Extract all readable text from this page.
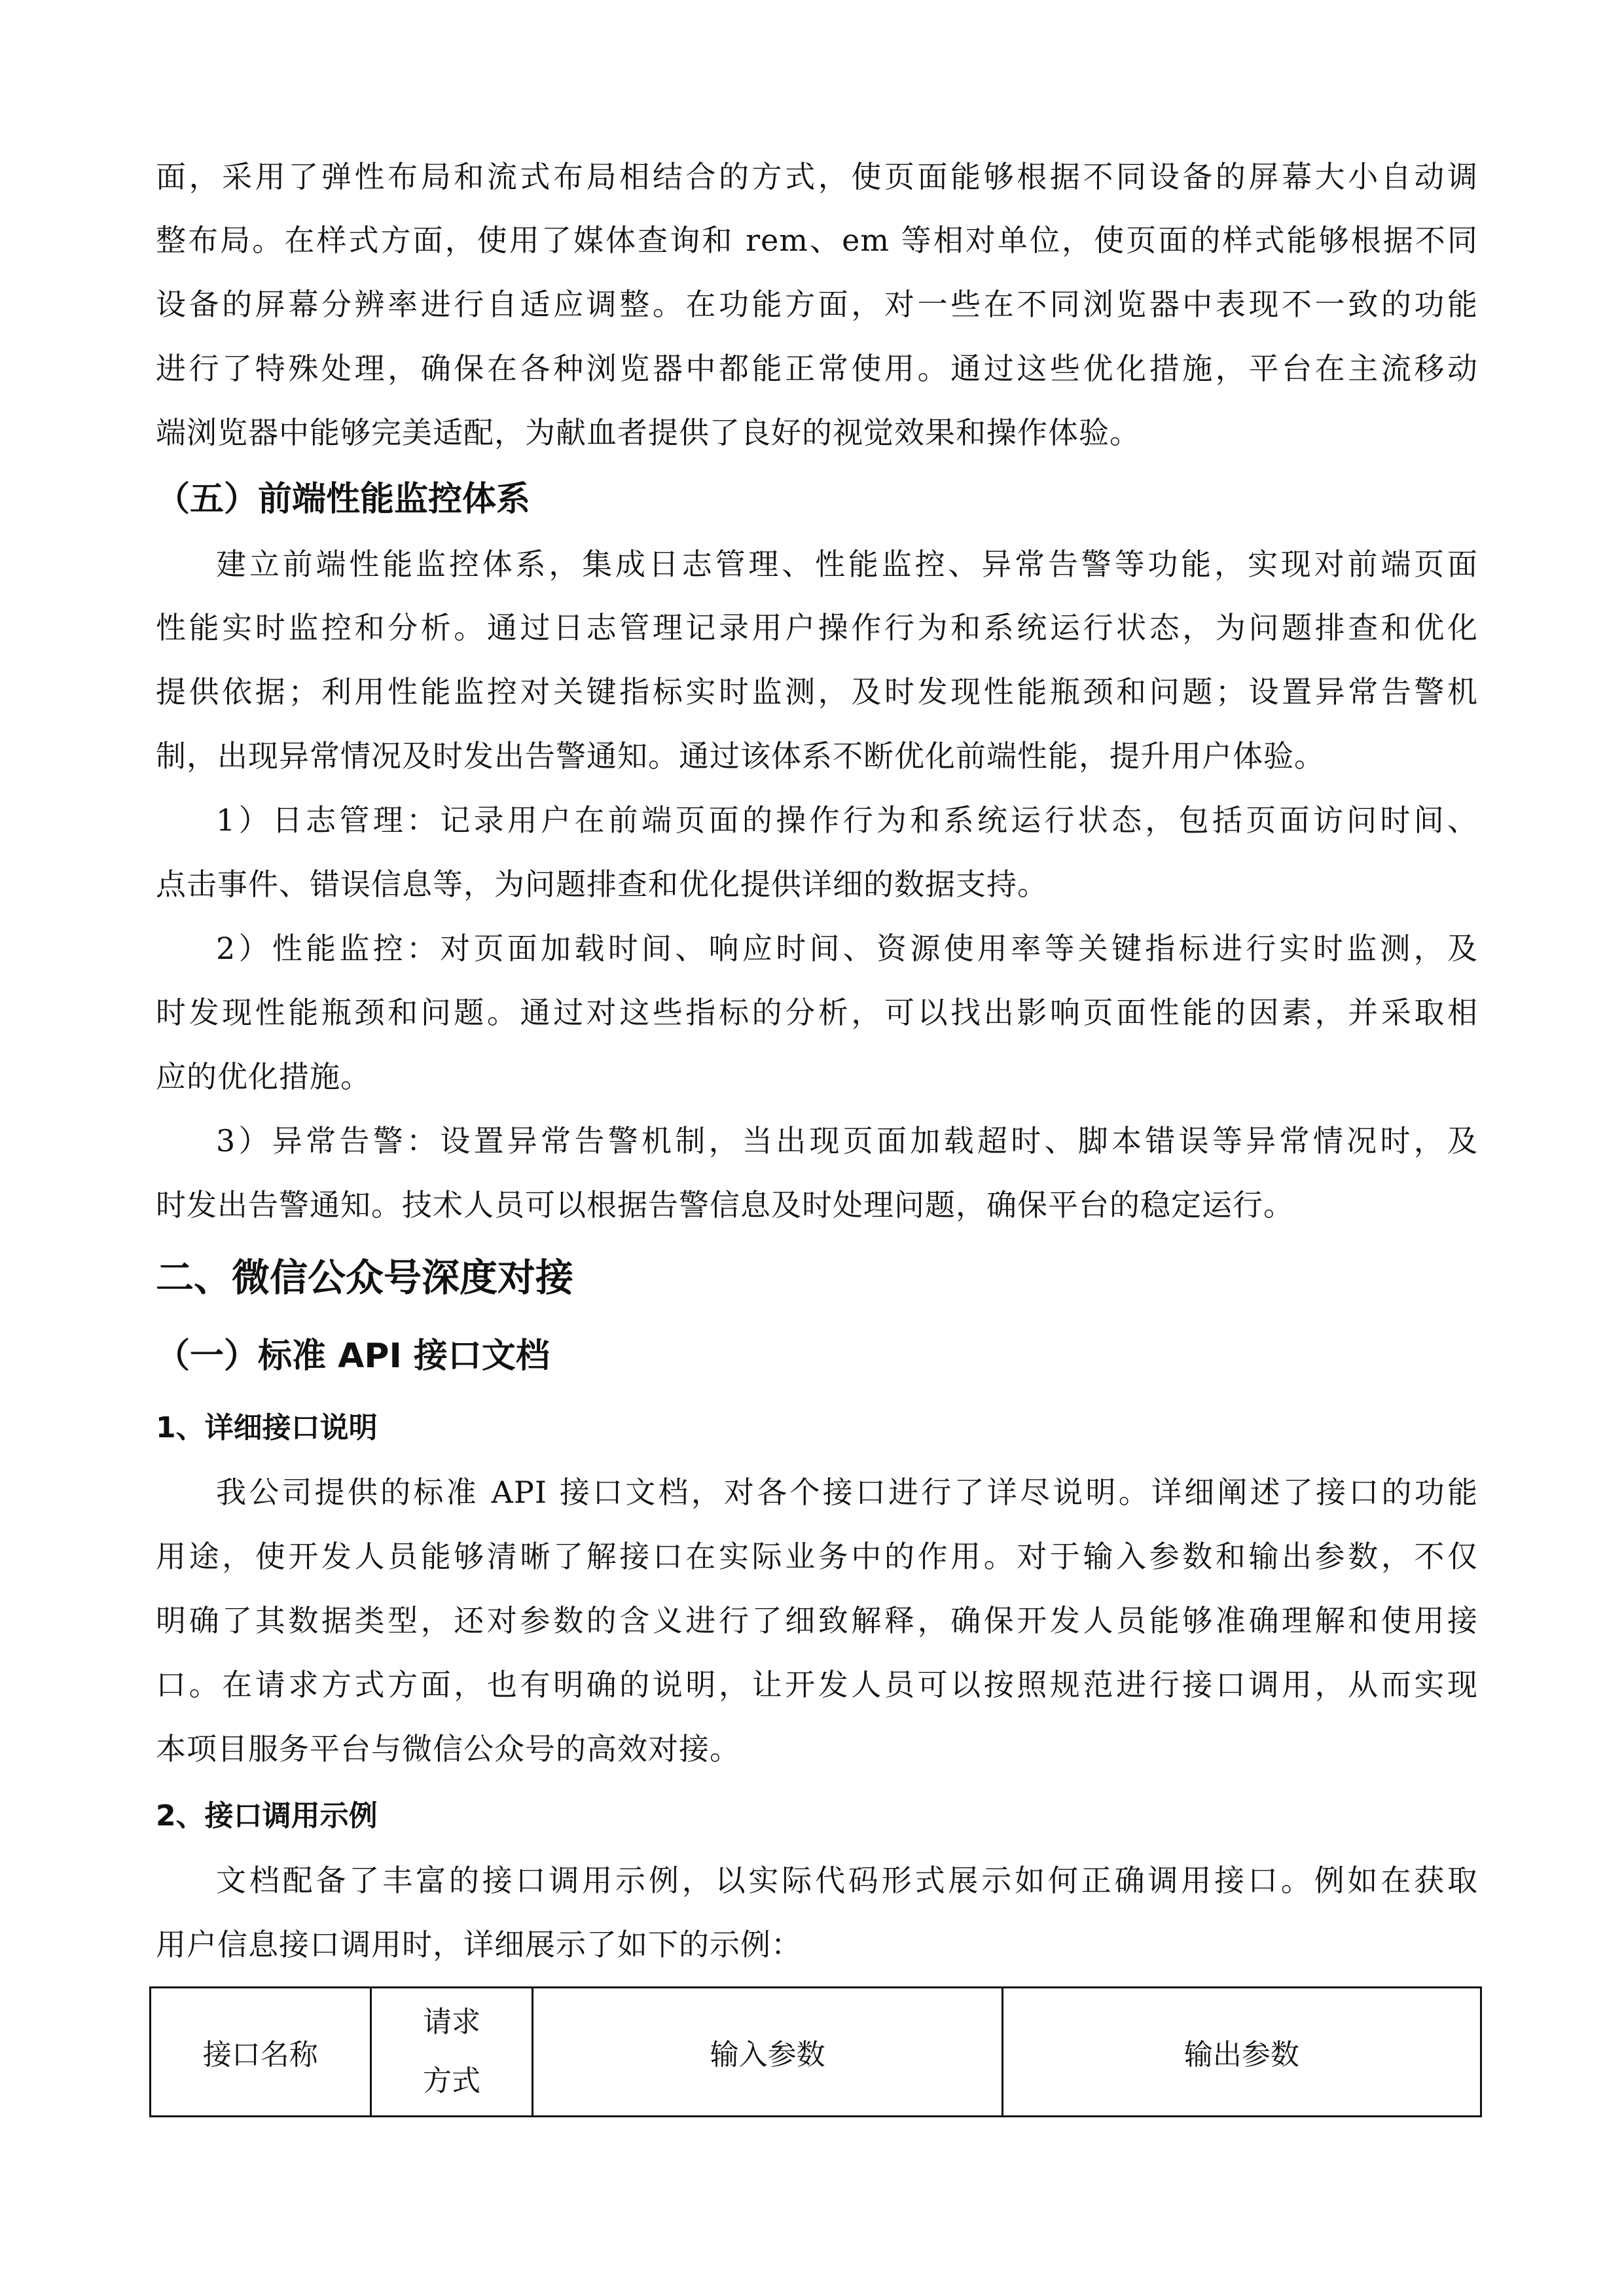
面，采用了弹性布局和流式布局相结合的方式，使页面能够根据不同设备的屏幕大小自动调
整布局。在样式方面，使用了媒体查询和 rem、em 等相对单位，使页面的样式能够根据不同
设备的屏幕分辨率进行自适应调整。在功能方面，对一些在不同浏览器中表现不一致的功能
进行了特殊处理，确保在各种浏览器中都能正常使用。通过这些优化措施，平台在主流移动
端浏览器中能够完美适配，为献血者提供了良好的视觉效果和操作体验。
（五）前端性能监控体系
建立前端性能监控体系，集成日志管理、性能监控、异常告警等功能，实现对前端页面
性能实时监控和分析。通过日志管理记录用户操作行为和系统运行状态，为问题排查和优化
提供依据；利用性能监控对关键指标实时监测，及时发现性能瓶颈和问题；设置异常告警机
制，出现异常情况及时发出告警通知。通过该体系不断优化前端性能，提升用户体验。
1）日志管理：记录用户在前端页面的操作行为和系统运行状态，包括页面访问时间、
点击事件、错误信息等，为问题排查和优化提供详细的数据支持。
2）性能监控：对页面加载时间、响应时间、资源使用率等关键指标进行实时监测，及
时发现性能瓶颈和问题。通过对这些指标的分析，可以找出影响页面性能的因素，并采取相
应的优化措施。
3）异常告警：设置异常告警机制，当出现页面加载超时、脚本错误等异常情况时，及
时发出告警通知。技术人员可以根据告警信息及时处理问题，确保平台的稳定运行。
二、微信公众号深度对接
（一）标准 API 接口文档
1、详细接口说明
我公司提供的标准 API 接口文档，对各个接口进行了详尽说明。详细阐述了接口的功能
用途，使开发人员能够清晰了解接口在实际业务中的作用。对于输入参数和输出参数，不仅
明确了其数据类型，还对参数的含义进行了细致解释，确保开发人员能够准确理解和使用接
口。在请求方式方面，也有明确的说明，让开发人员可以按照规范进行接口调用，从而实现
本项目服务平台与微信公众号的高效对接。
2、接口调用示例
文档配备了丰富的接口调用示例，以实际代码形式展示如何正确调用接口。例如在获取
用户信息接口调用时，详细展示了如下的示例：
接口名称	请求方式	输入参数	输出参数
